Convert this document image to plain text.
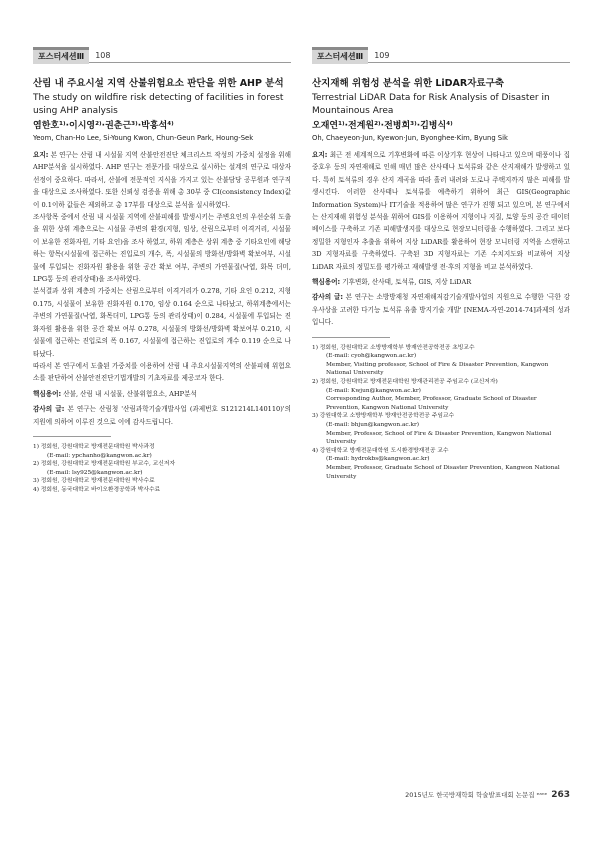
포스터세션Ⅲ	108
산림 내 주요시설 지역 산불위험요소 판단을 위한 AHP 분석
The study on wildfire risk detecting of facilities in forest using AHP analysis
염한호¹⁾·이시영²⁾·권춘근³⁾·박흥석⁴⁾
Yeom, Chan-Ho Lee, Si-Young Kwon, Chun-Geun Park, Houng-Sek

요지: 본 연구는 산림 내 시설물 지역 산불안전진단 체크리스트 작성의 가중치 설정을 위해 AHP분석을 실시하였다. AHP 연구는 전문가를 대상으로 실시하는 설계의 연구로 대상자 선정이 중요하다. 따라서, 산불에 전문적인 지식을 가지고 있는 산불담당 공무원과 연구직을 대상으로 조사하였다. 또한 신뢰성 검증을 위해 총 30부 중 CI(consistency Index)값이 0.1이하 값들은 제외하고 총 17부를 대상으로 분석을 실시하였다.

조사항목 중에서 산림 내 시설물 지역에 산불피해를 발생시키는 주변요인의 우선순위 도출을 위한 상위 계층으로는 시설물 주변의 환경(지형, 임상, 산림으로부터 이격거리, 시설물이 보유한 진화자원, 기타 요인)을 조사 하였고, 하위 계층은 상위 계층 중 기타요인에 해당하는 항목(시설물에 접근하는 진입로의 개수, 폭, 시설물의 방화선/방화벽 확보여부, 시설물에 투입되는 진화자원 활용을 위한 공간 확보 여부, 주변의 가연물질(낙엽, 화목 더미, LPG통 등의 관리상태)을 조사하였다.

분석결과 상위 계층의 가중치는 산림으로부터 이격거리가 0.278, 기타 요인 0.212, 지형 0.175, 시설물이 보유한 진화자원 0.170, 임상 0.164 순으로 나타났고, 하위계층에서는 주변의 가연물질(낙엽, 화목더미, LPG통 등의 관리상태)이 0.284, 시설물에 투입되는 진화자원 활용을 위한 공간 확보 여부 0.278, 시설물의 방화선/방화벽 확보여부 0.210, 시설물에 접근하는 진입로의 폭 0.167, 시설물에 접근하는 진입로의 개수 0.119 순으로 나타났다.

따라서 본 연구에서 도출된 가중치를 이용하여 산림 내 주요시설물지역의 산불피해 위험요소를 판단하여 산불안전진단기법개발의 기초자료를 제공코자 한다.

핵심용어: 산불, 산림 내 시설물, 산불위험요소, AHP분석

감사의 글: 본 연구는 산림청 '산림과학기술개발사업 (과제번호 S121214L140110)'의 지원에 의하여 이루진 것으로 이에 감사드립니다.

1) 정회원, 강원대학교 방재전문대학원 박사과정

(E-mail: ypchanho@kangwon.ac.kr)

2) 정회원, 강원대학교 방재전문대학원 부교수, 교신저자

(E-mail: lsy925@kangwon.ac.kr)

3) 정회원, 강원대학교 방재전문대학원 박사수료

4) 정회원, 동국대학교 바이오환경공학과 박사수료

포스터세션Ⅲ	109
산지재해 위험성 분석을 위한 LiDAR자료구축
Terrestrial LiDAR Data for Risk Analysis of Disaster in Mountainous Area
오재연¹⁾·전계원²⁾·전병희³⁾·김병식⁴⁾
Oh, Chaeyeon·Jun, Kyewon·Jun, Byonghee·Kim, Byung Sik

요지: 최근 전 세계적으로 기후변화에 따른 이상기후 현상이 나타나고 있으며 태풍이나 집중호우 등의 자연재해로 인해 매년 많은 산사태나 토석류와 같은 산지재해가 발생하고 있다. 특히 토석류의 경우 산지 계곡을 따라 흘러 내려와 도로나 주택지까지 많은 피해를 발생시킨다. 이러한 산사태나 토석류를 예측하기 위하여 최근 GIS(Geographic Information System)나 IT기술을 적용하여 많은 연구가 진행 되고 있으며, 본 연구에서는 산지재해 위험성 분석을 위하여 GIS를 이용하여 지형이나 지질, 토양 등의 공간 데이터베이스를 구축하고 기존 피해발생지를 대상으로 현장모니터링을 수행하였다. 그리고 보다 정밀한 지형인자 추출을 위하여 지상 LiDAR를 활용하여 현장 모니터링 지역을 스캔하고 3D 지형자료를 구축하였다. 구축된 3D 지형자료는 기존 수치지도와 비교하여 지상 LiDAR 자료의 정밀도를 평가하고 재해발생 전·후의 지형을 비교 분석하였다.

핵심용어: 기후변화, 산사태, 토석류, GIS, 지상 LiDAR

감사의 글: 본 연구는 소방방재청 자연재해저감기술개발사업의 지원으로 수행한 '극한 강우사상을 고려한 다기능 토석류 유출 방지기술 개발' [NEMA-자연-2014-74]과제의 성과입니다.

1) 정회원, 강원대학교 소방방재학부 방재안전공학전공 초빙교수

(E-mail: cyoh@kangwon.ac.kr)

Member, Visiting professor, School of Fire & Disaster Prevention, Kangwon National University

2) 정회원, 강원대학교 방재전문대학원 방재관리전공 주임교수 (교신저자)

(E-mail: Kwjun@kangwon.ac.kr)

Corresponding Author, Member, Professor, Graduate School of Disaster Prevention, Kangwon National University

3) 강원대학교 소방방재학부 방재안전공학전공 주임교수

(E-mail: bhjun@kangwon.ac.kr)

Member, Professor, School of Fire & Disaster Prevention, Kangwon National University

4) 강원대학교 방재전문대학원 도시환경방재전공 교수

(E-mail: hydrokbs@kangwon.ac.kr)

Member, Professor, Graduate School of Disaster Prevention, Kangwon National University

2015년도 한국방재학회 학술발표대회 논문집 ᵉᵃⁿᵉ 263
